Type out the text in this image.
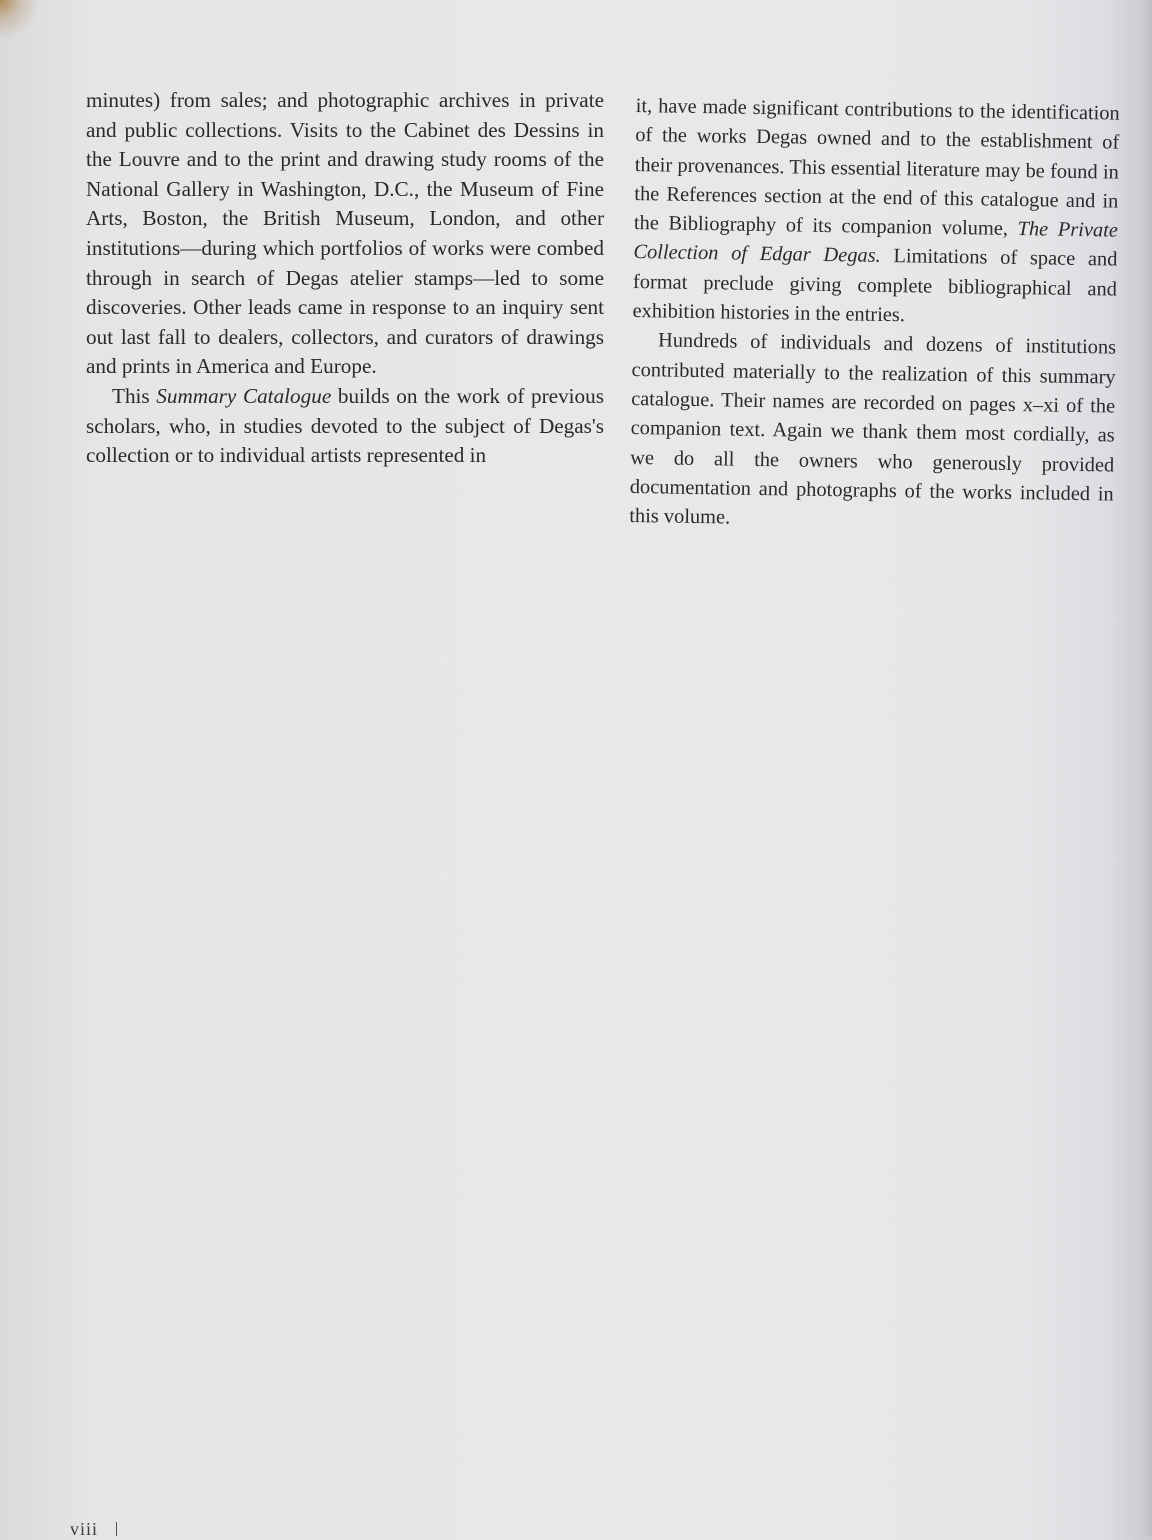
minutes) from sales; and photographic archives in private and public collections. Visits to the Cabinet des Dessins in the Louvre and to the print and drawing study rooms of the National Gallery in Washington, D.C., the Museum of Fine Arts, Boston, the British Museum, London, and other institutions—during which portfolios of works were combed through in search of Degas atelier stamps—led to some discoveries. Other leads came in response to an inquiry sent out last fall to dealers, collectors, and curators of drawings and prints in America and Europe.

This Summary Catalogue builds on the work of previous scholars, who, in studies devoted to the subject of Degas's collection or to individual artists represented in

it, have made significant contributions to the identification of the works Degas owned and to the establishment of their provenances. This essential literature may be found in the References section at the end of this catalogue and in the Bibliography of its companion volume, The Private Collection of Edgar Degas. Limitations of space and format preclude giving complete bibliographical and exhibition histories in the entries.

Hundreds of individuals and dozens of institutions contributed materially to the realization of this summary catalogue. Their names are recorded on pages x–xi of the companion text. Again we thank them most cordially, as we do all the owners who generously provided documentation and photographs of the works included in this volume.

viii
